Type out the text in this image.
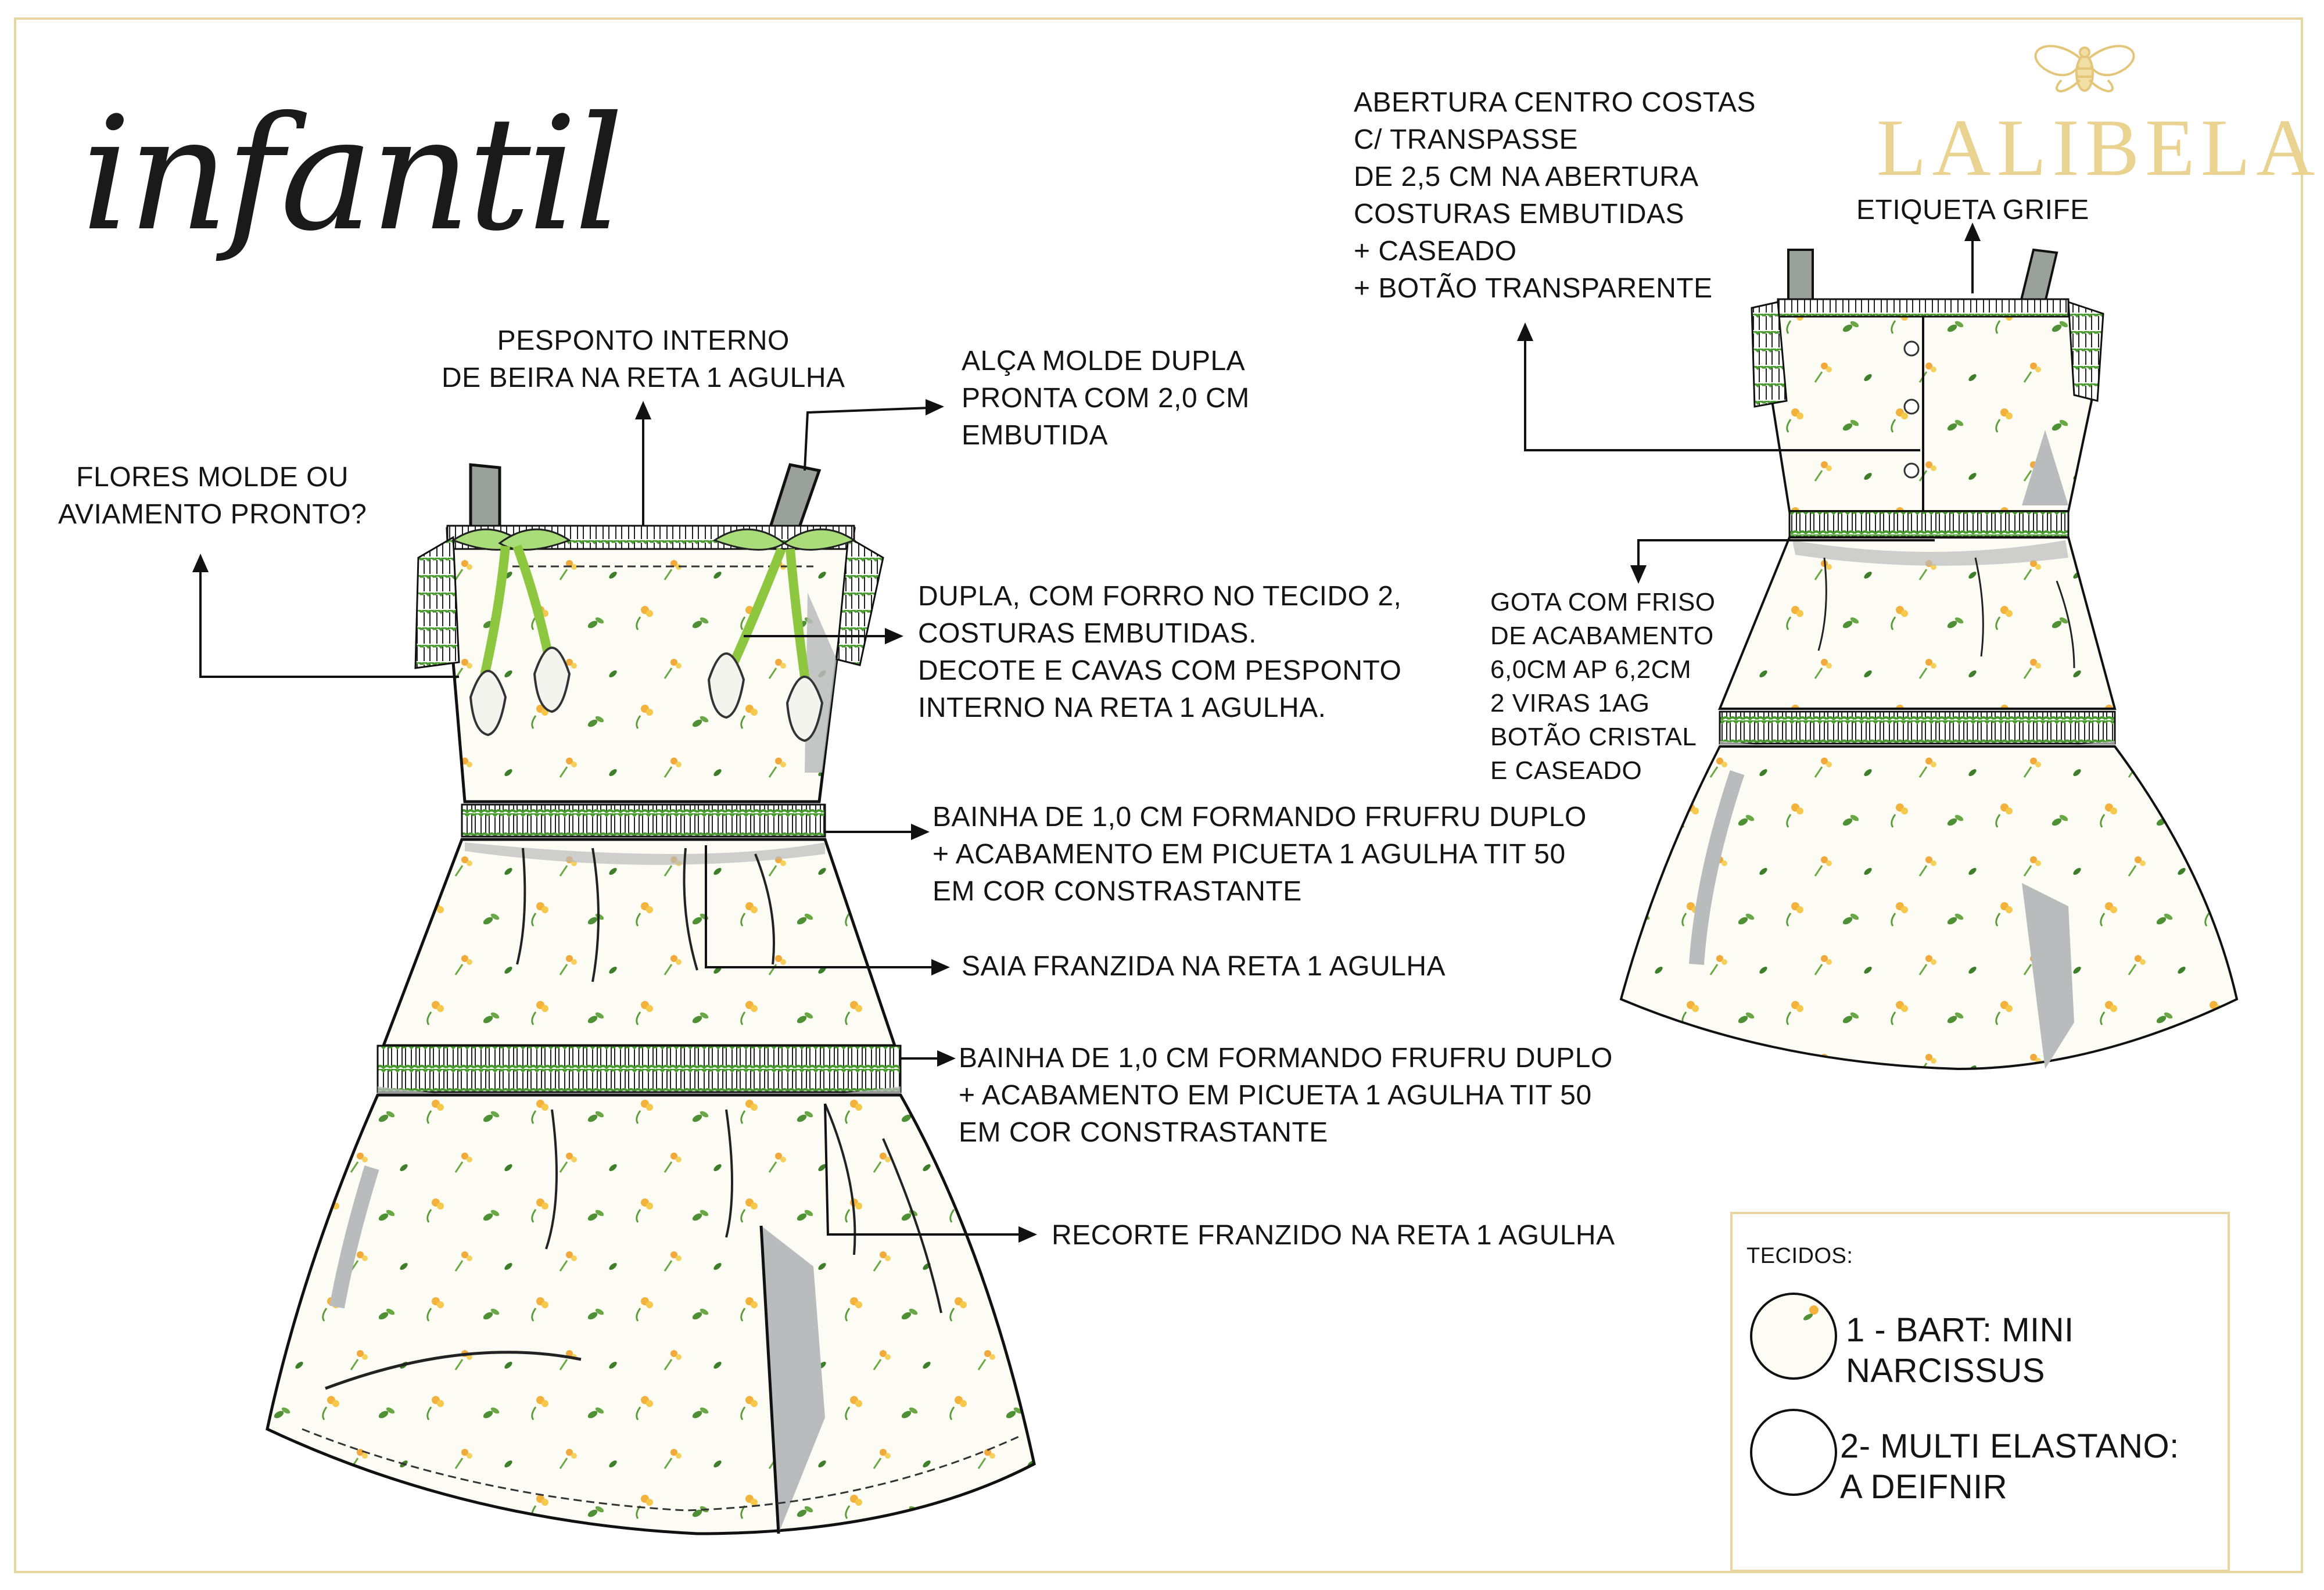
infantil	LALIBELA
PESPONTO INTERNO
DE BEIRA NA RETA 1 AGULHA
ALÇA MOLDE DUPLA
PRONTA COM 2,0 CM
EMBUTIDA
FLORES MOLDE OU
AVIAMENTO PRONTO?
DUPLA, COM FORRO NO TECIDO 2,
COSTURAS EMBUTIDAS.
DECOTE E CAVAS COM PESPONTO
INTERNO NA RETA 1 AGULHA.
BAINHA DE 1,0 CM FORMANDO FRUFRU DUPLO
+ ACABAMENTO EM PICUETA 1 AGULHA TIT 50
EM COR CONSTRASTANTE
SAIA FRANZIDA NA RETA 1 AGULHA
BAINHA DE 1,0 CM FORMANDO FRUFRU DUPLO
+ ACABAMENTO EM PICUETA 1 AGULHA TIT 50
EM COR CONSTRASTANTE
RECORTE FRANZIDO NA RETA 1 AGULHA
ABERTURA CENTRO COSTAS
C/ TRANSPASSE
DE 2,5 CM NA ABERTURA
COSTURAS EMBUTIDAS
+ CASEADO
+ BOTÃO TRANSPARENTE
ETIQUETA GRIFE
GOTA COM FRISO
DE ACABAMENTO
6,0CM AP 6,2CM
2 VIRAS 1AG
BOTÃO CRISTAL
E CASEADO
TECIDOS:
1 - BART: MINI NARCISSUS
2- MULTI ELASTANO:
A DEIFNIR
